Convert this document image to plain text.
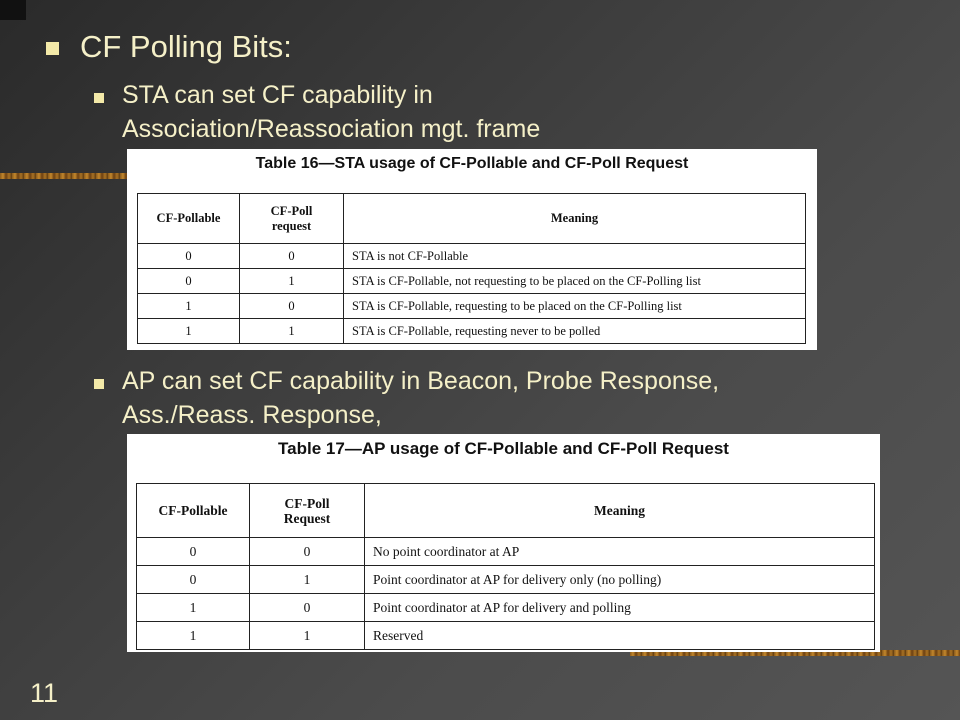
CF Polling Bits:
STA can set CF capability in
Association/Reassociation mgt. frame
Table 16—STA usage of CF-Pollable and CF-Poll Request
CF-Pollable	CF-Poll request	Meaning
0	0	STA is not CF-Pollable
0	1	STA is CF-Pollable, not requesting to be placed on the CF-Polling list
1	0	STA is CF-Pollable, requesting to be placed on the CF-Polling list
1	1	STA is CF-Pollable, requesting never to be polled
AP can set CF capability in Beacon, Probe Response,
Ass./Reass. Response,
Table 17—AP usage of CF-Pollable and CF-Poll Request
CF-Pollable	CF-Poll Request	Meaning
0	0	No point coordinator at AP
0	1	Point coordinator at AP for delivery only (no polling)
1	0	Point coordinator at AP for delivery and polling
1	1	Reserved
11
